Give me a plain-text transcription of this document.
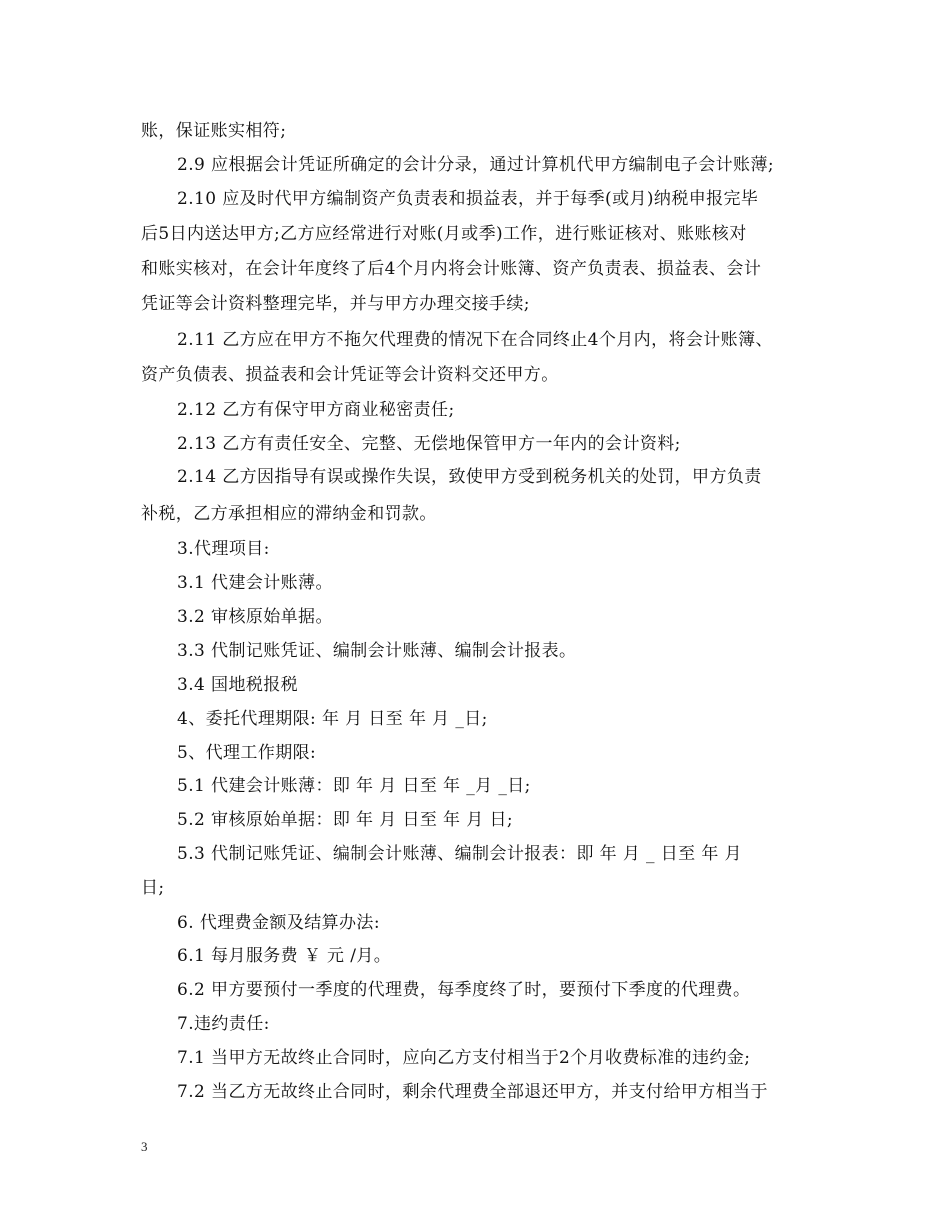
账，保证账实相符;
2.9 应根据会计凭证所确定的会计分录，通过计算机代甲方编制电子会计账薄;
2.10 应及时代甲方编制资产负责表和损益表，并于每季(或月)纳税申报完毕
后5日内送达甲方;乙方应经常进行对账(月或季)工作，进行账证核对、账账核对
和账实核对，在会计年度终了后4个月内将会计账簿、资产负责表、损益表、会计
凭证等会计资料整理完毕，并与甲方办理交接手续;
2.11 乙方应在甲方不拖欠代理费的情况下在合同终止4个月内，将会计账簿、
资产负债表、损益表和会计凭证等会计资料交还甲方。
2.12 乙方有保守甲方商业秘密责任;
2.13 乙方有责任安全、完整、无偿地保管甲方一年内的会计资料;
2.14 乙方因指导有误或操作失误，致使甲方受到税务机关的处罚，甲方负责
补税，乙方承担相应的滞纳金和罚款。
3.代理项目:
3.1 代建会计账薄。
3.2 审核原始单据。
3.3 代制记账凭证、编制会计账薄、编制会计报表。
3.4 国地税报税
4、委托代理期限: 年 月 日至 年 月 _日;
5、代理工作期限:
5.1 代建会计账薄：即 年 月 日至 年 _月 _日;
5.2 审核原始单据：即 年 月 日至 年 月 日;
5.3 代制记账凭证、编制会计账薄、编制会计报表：即 年 月 _ 日至 年 月
日;
6. 代理费金额及结算办法:
6.1 每月服务费 ￥ 元 /月。
6.2 甲方要预付一季度的代理费，每季度终了时，要预付下季度的代理费。
7.违约责任:
7.1 当甲方无故终止合同时，应向乙方支付相当于2个月收费标准的违约金;
7.2 当乙方无故终止合同时，剩余代理费全部退还甲方，并支付给甲方相当于
3
